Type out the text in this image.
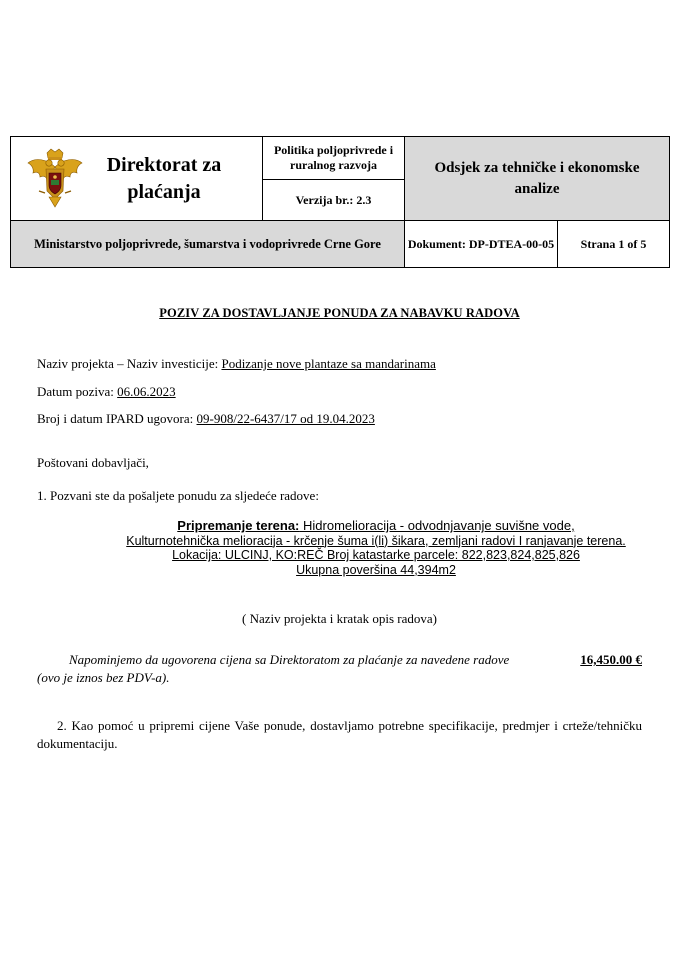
Direktorat za plaćanja	Politika poljoprivrede i ruralnog razvoja
Verzija br.: 2.3	Odsjek za tehničke i ekonomske analize	
Ministarstvo poljoprivrede, šumarstva i vodoprivrede Crne Gore		Dokument: DP-DTEA-00-05	Strana 1 of 5
POZIV ZA DOSTAVLJANJE PONUDA ZA NABAVKU RADOVA
Naziv projekta – Naziv investicije: Podizanje nove plantaze sa mandarinama
Datum poziva: 06.06.2023
Broj i datum IPARD ugovora: 09-908/22-6437/17 od 19.04.2023
Poštovani dobavljači,
1. Pozvani ste da pošaljete ponudu za sljedeće radove:
Pripremanje terena: Hidromelioracija - odvodnjavanje suvišne vode,
Kulturnotehnička melioracija - krčenje šuma i(li) šikara, zemljani radovi I ranjavanje terena.
Lokacija: ULCINJ, KO:REČ Broj katastarke parcele: 822,823,824,825,826
Ukupna poveršina 44,394m2
( Naziv projekta i kratak opis radova)
Napominjemo da ugovorena cijena sa Direktoratom za plaćanje za navedene radove	16,450.00 €

(ovo je iznos bez PDV-a).
2. Kao pomoć u pripremi cijene Vaše ponude, dostavljamo potrebne specifikacije, predmjer i crteže/tehničku dokumentaciju.
